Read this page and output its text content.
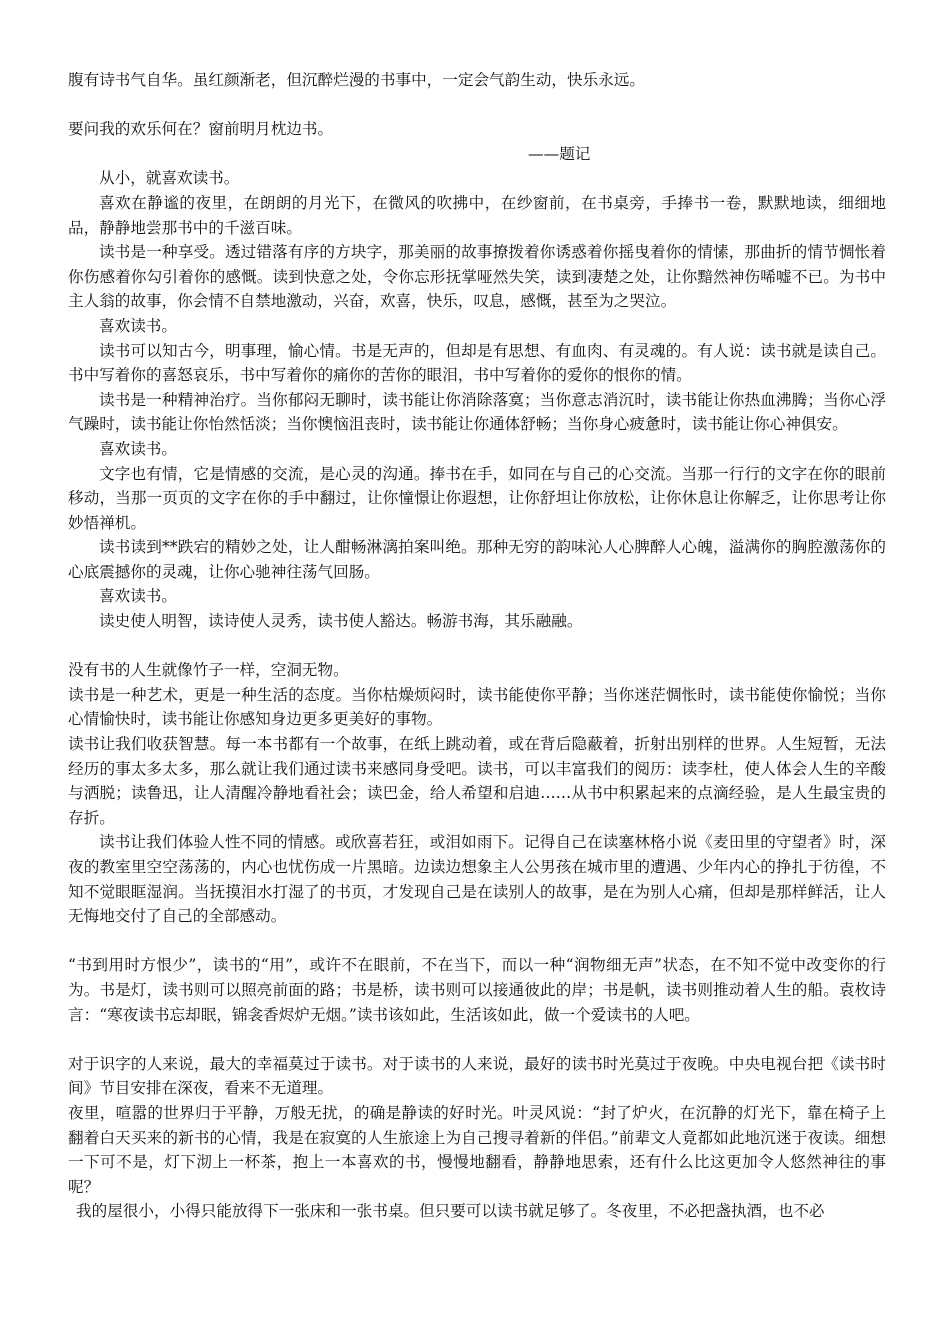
腹有诗书气自华。虽红颜渐老，但沉醉烂漫的书事中，一定会气韵生动，快乐永远。

要问我的欢乐何在？窗前明月枕边书。

——题记

从小，就喜欢读书。

喜欢在静谧的夜里，在朗朗的月光下，在微风的吹拂中，在纱窗前，在书桌旁，手捧书一卷，默默地读，细细地品，静静地尝那书中的千滋百味。

读书是一种享受。透过错落有序的方块字，那美丽的故事撩拨着你诱惑着你摇曳着你的情愫，那曲折的情节惆怅着你伤感着你勾引着你的感慨。读到快意之处，令你忘形抚掌哑然失笑，读到凄楚之处，让你黯然神伤唏嘘不已。为书中主人翁的故事，你会情不自禁地激动，兴奋，欢喜，快乐，叹息，感慨，甚至为之哭泣。

喜欢读书。

读书可以知古今，明事理，愉心情。书是无声的，但却是有思想、有血肉、有灵魂的。有人说：读书就是读自己。书中写着你的喜怒哀乐，书中写着你的痛你的苦你的眼泪，书中写着你的爱你的恨你的情。

读书是一种精神治疗。当你郁闷无聊时，读书能让你消除落寞；当你意志消沉时，读书能让你热血沸腾；当你心浮气躁时，读书能让你怡然恬淡；当你懊恼沮丧时，读书能让你通体舒畅；当你身心疲惫时，读书能让你心神俱安。

喜欢读书。

文字也有情，它是情感的交流，是心灵的沟通。捧书在手，如同在与自己的心交流。当那一行行的文字在你的眼前移动，当那一页页的文字在你的手中翻过，让你憧憬让你遐想，让你舒坦让你放松，让你休息让你解乏，让你思考让你妙悟禅机。

读书读到**跌宕的精妙之处，让人酣畅淋漓拍案叫绝。那种无穷的韵味沁人心脾醉人心魄，溢满你的胸腔激荡你的心底震撼你的灵魂，让你心驰神往荡气回肠。

喜欢读书。

读史使人明智，读诗使人灵秀，读书使人豁达。畅游书海，其乐融融。

没有书的人生就像竹子一样，空洞无物。

读书是一种艺术，更是一种生活的态度。当你枯燥烦闷时，读书能使你平静；当你迷茫惆怅时，读书能使你愉悦；当你心情愉快时，读书能让你感知身边更多更美好的事物。

读书让我们收获智慧。每一本书都有一个故事，在纸上跳动着，或在背后隐蔽着，折射出别样的世界。人生短暂，无法经历的事太多太多，那么就让我们通过读书来感同身受吧。读书，可以丰富我们的阅历：读李杜，使人体会人生的辛酸与洒脱；读鲁迅，让人清醒冷静地看社会；读巴金，给人希望和启迪……从书中积累起来的点滴经验，是人生最宝贵的存折。

读书让我们体验人性不同的情感。或欣喜若狂，或泪如雨下。记得自己在读塞林格小说《麦田里的守望者》时，深夜的教室里空空荡荡的，内心也忧伤成一片黑暗。边读边想象主人公男孩在城市里的遭遇、少年内心的挣扎于彷徨，不知不觉眼眶湿润。当抚摸泪水打湿了的书页，才发现自己是在读别人的故事，是在为别人心痛，但却是那样鲜活，让人无悔地交付了自己的全部感动。

“书到用时方恨少”，读书的“用”，或许不在眼前，不在当下，而以一种“润物细无声”状态，在不知不觉中改变你的行为。书是灯，读书则可以照亮前面的路；书是桥，读书则可以接通彼此的岸；书是帆，读书则推动着人生的船。袁枚诗言：“寒夜读书忘却眠，锦衾香烬炉无烟。”读书该如此，生活该如此，做一个爱读书的人吧。

对于识字的人来说，最大的幸福莫过于读书。对于读书的人来说，最好的读书时光莫过于夜晚。中央电视台把《读书时间》节目安排在深夜，看来不无道理。

夜里，喧嚣的世界归于平静，万般无扰，的确是静读的好时光。叶灵风说：“封了炉火，在沉静的灯光下，靠在椅子上翻着白天买来的新书的心情，我是在寂寞的人生旅途上为自己搜寻着新的伴侣。”前辈文人竟都如此地沉迷于夜读。细想一下可不是，灯下沏上一杯茶，抱上一本喜欢的书，慢慢地翻看，静静地思索，还有什么比这更加令人悠然神往的事呢？

我的屋很小，小得只能放得下一张床和一张书桌。但只要可以读书就足够了。冬夜里，不必把盏执酒，也不必
